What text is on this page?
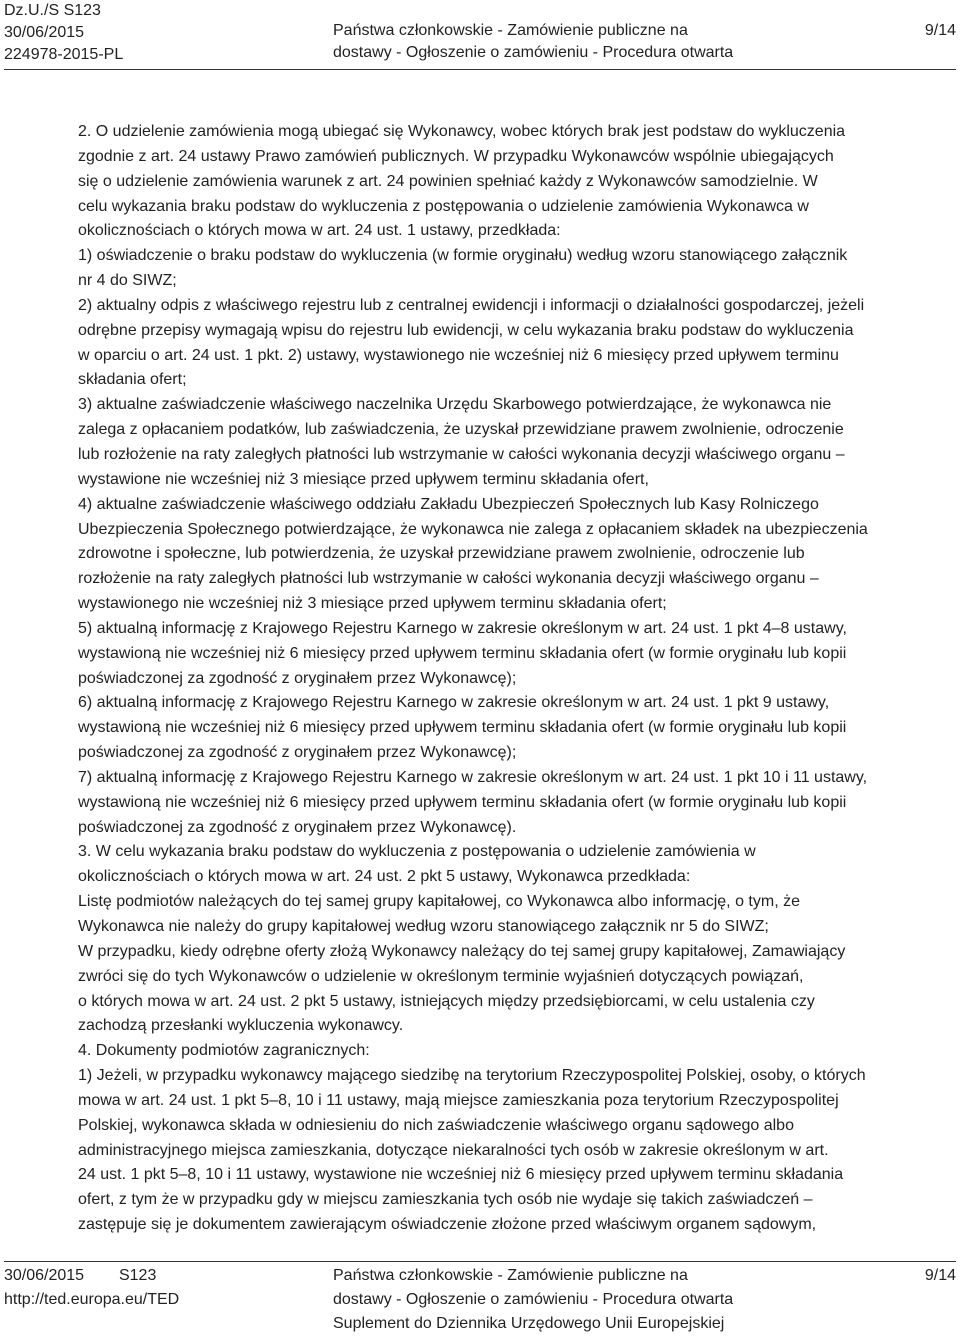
Dz.U./S S123
30/06/2015
224978-2015-PL
Państwa członkowskie - Zamówienie publiczne na
dostawy - Ogłoszenie o zamówieniu - Procedura otwarta
9/14
2. O udzielenie zamówienia mogą ubiegać się Wykonawcy, wobec których brak jest podstaw do wykluczenia
zgodnie z art. 24 ustawy Prawo zamówień publicznych. W przypadku Wykonawców wspólnie ubiegających
się o udzielenie zamówienia warunek z art. 24 powinien spełniać każdy z Wykonawców samodzielnie. W
celu wykazania braku podstaw do wykluczenia z postępowania o udzielenie zamówienia Wykonawca w
okolicznościach o których mowa w art. 24 ust. 1 ustawy, przedkłada:
1) oświadczenie o braku podstaw do wykluczenia (w formie oryginału) według wzoru stanowiącego załącznik
nr 4 do SIWZ;
2) aktualny odpis z właściwego rejestru lub z centralnej ewidencji i informacji o działalności gospodarczej, jeżeli
odrębne przepisy wymagają wpisu do rejestru lub ewidencji, w celu wykazania braku podstaw do wykluczenia
w oparciu o art. 24 ust. 1 pkt. 2) ustawy, wystawionego nie wcześniej niż 6 miesięcy przed upływem terminu
składania ofert;
3) aktualne zaświadczenie właściwego naczelnika Urzędu Skarbowego potwierdzające, że wykonawca nie
zalega z opłacaniem podatków, lub zaświadczenia, że uzyskał przewidziane prawem zwolnienie, odroczenie
lub rozłożenie na raty zaległych płatności lub wstrzymanie w całości wykonania decyzji właściwego organu –
wystawione nie wcześniej niż 3 miesiące przed upływem terminu składania ofert,
4) aktualne zaświadczenie właściwego oddziału Zakładu Ubezpieczeń Społecznych lub Kasy Rolniczego
Ubezpieczenia Społecznego potwierdzające, że wykonawca nie zalega z opłacaniem składek na ubezpieczenia
zdrowotne i społeczne, lub potwierdzenia, że uzyskał przewidziane prawem zwolnienie, odroczenie lub
rozłożenie na raty zaległych płatności lub wstrzymanie w całości wykonania decyzji właściwego organu –
wystawionego nie wcześniej niż 3 miesiące przed upływem terminu składania ofert;
5) aktualną informację z Krajowego Rejestru Karnego w zakresie określonym w art. 24 ust. 1 pkt 4–8 ustawy,
wystawioną nie wcześniej niż 6 miesięcy przed upływem terminu składania ofert (w formie oryginału lub kopii
poświadczonej za zgodność z oryginałem przez Wykonawcę);
6) aktualną informację z Krajowego Rejestru Karnego w zakresie określonym w art. 24 ust. 1 pkt 9 ustawy,
wystawioną nie wcześniej niż 6 miesięcy przed upływem terminu składania ofert (w formie oryginału lub kopii
poświadczonej za zgodność z oryginałem przez Wykonawcę);
7) aktualną informację z Krajowego Rejestru Karnego w zakresie określonym w art. 24 ust. 1 pkt 10 i 11 ustawy,
wystawioną nie wcześniej niż 6 miesięcy przed upływem terminu składania ofert (w formie oryginału lub kopii
poświadczonej za zgodność z oryginałem przez Wykonawcę).
3. W celu wykazania braku podstaw do wykluczenia z postępowania o udzielenie zamówienia w
okolicznościach o których mowa w art. 24 ust. 2 pkt 5 ustawy, Wykonawca przedkłada:
Listę podmiotów należących do tej samej grupy kapitałowej, co Wykonawca albo informację, o tym, że
Wykonawca nie należy do grupy kapitałowej według wzoru stanowiącego załącznik nr 5 do SIWZ;
W przypadku, kiedy odrębne oferty złożą Wykonawcy należący do tej samej grupy kapitałowej, Zamawiający
zwróci się do tych Wykonawców o udzielenie w określonym terminie wyjaśnień dotyczących powiązań,
o których mowa w art. 24 ust. 2 pkt 5 ustawy, istniejących między przedsiębiorcami, w celu ustalenia czy
zachodzą przesłanki wykluczenia wykonawcy.
4. Dokumenty podmiotów zagranicznych:
1) Jeżeli, w przypadku wykonawcy mającego siedzibę na terytorium Rzeczypospolitej Polskiej, osoby, o których
mowa w art. 24 ust. 1 pkt 5–8, 10 i 11 ustawy, mają miejsce zamieszkania poza terytorium Rzeczypospolitej
Polskiej, wykonawca składa w odniesieniu do nich zaświadczenie właściwego organu sądowego albo
administracyjnego miejsca zamieszkania, dotyczące niekaralności tych osób w zakresie określonym w art.
24 ust. 1 pkt 5–8, 10 i 11 ustawy, wystawione nie wcześniej niż 6 miesięcy przed upływem terminu składania
ofert, z tym że w przypadku gdy w miejscu zamieszkania tych osób nie wydaje się takich zaświadczeń –
zastępuje się je dokumentem zawierającym oświadczenie złożone przed właściwym organem sądowym,
30/06/2015 S123
http://ted.europa.eu/TED
Państwa członkowskie - Zamówienie publiczne na
dostawy - Ogłoszenie o zamówieniu - Procedura otwarta
Suplement do Dziennika Urzędowego Unii Europejskiej
9/14
